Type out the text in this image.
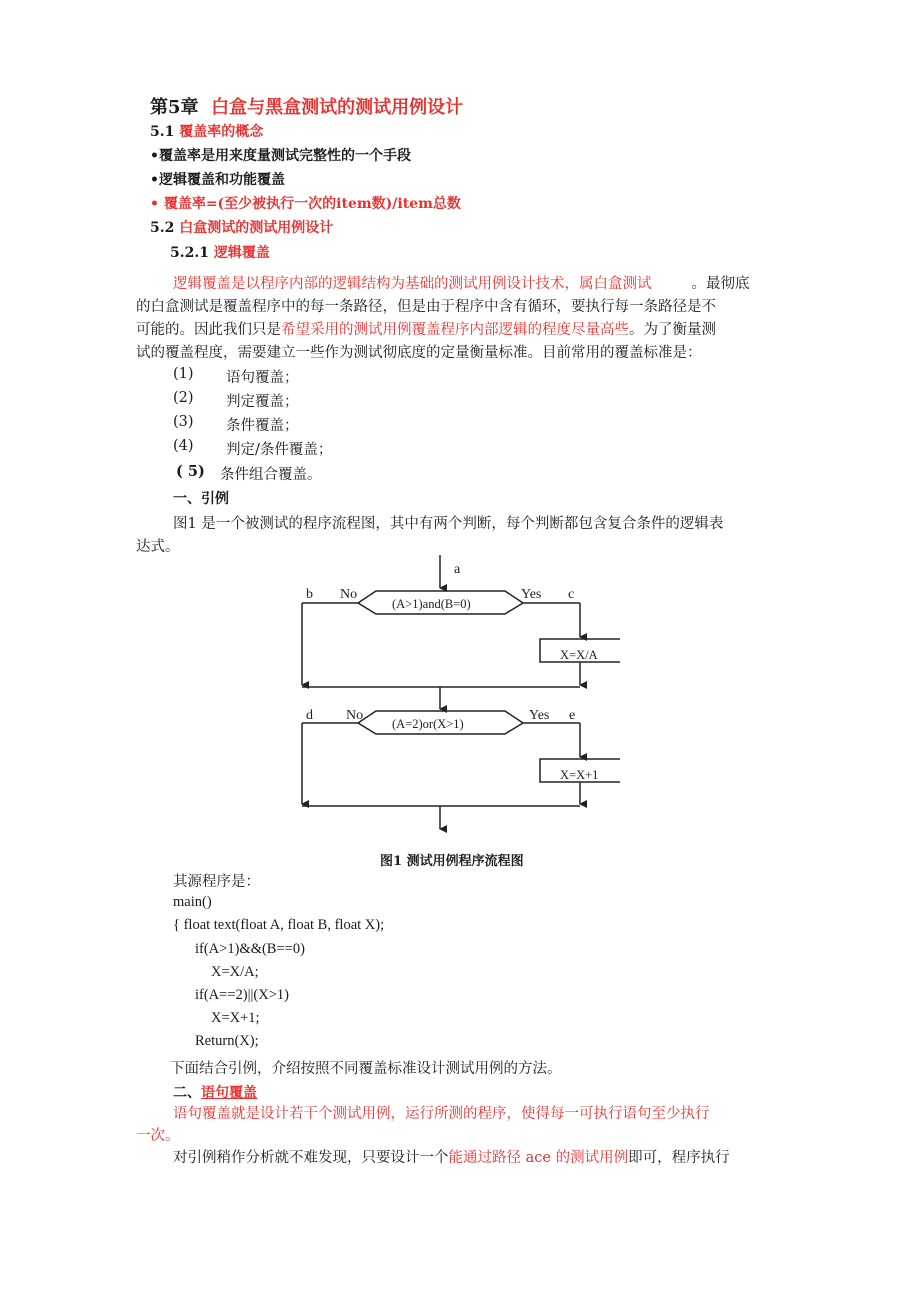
第5章 白盒与黑盒测试的测试用例设计
5.1 覆盖率的概念
•覆盖率是用来度量测试完整性的一个手段
•逻辑覆盖和功能覆盖
• 覆盖率=(至少被执行一次的item数)/item总数
5.2 白盒测试的测试用例设计
5.2.1 逻辑覆盖
逻辑覆盖是以程序内部的逻辑结构为基础的测试用例设计技术，属白盒测试	。最彻底
的白盒测试是覆盖程序中的每一条路径，但是由于程序中含有循环，要执行每一条路径是不
可能的。因此我们只是希望采用的测试用例覆盖程序内部逻辑的程度尽量高些。为了衡量测
试的覆盖程度，需要建立一些作为测试彻底度的定量衡量标准。目前常用的覆盖标准是：
(1) 语句覆盖；
(2) 判定覆盖；
(3) 条件覆盖；
(4) 判定/条件覆盖；
( 5) 条件组合覆盖。
一、引例
图1 是一个被测试的程序流程图，其中有两个判断，每个判断都包含复合条件的逻辑表
达式。
a
b No	Yes c
(A>1)and(B=0)
X=X/A
d No	Yes e
(A=2)or(X>1)
X=X+1
图1 测试用例程序流程图
其源程序是：
main()
{ float text(float A, float B, float X);
if(A>1)&&(B==0)
X=X/A;
if(A==2)||(X>1)
X=X+1;
Return(X);
下面结合引例，介绍按照不同覆盖标准设计测试用例的方法。
二、语句覆盖
语句覆盖就是设计若干个测试用例，运行所测的程序，使得每一可执行语句至少执行
一次。
对引例稍作分析就不难发现，只要设计一个能通过路径 ace 的测试用例即可，程序执行
